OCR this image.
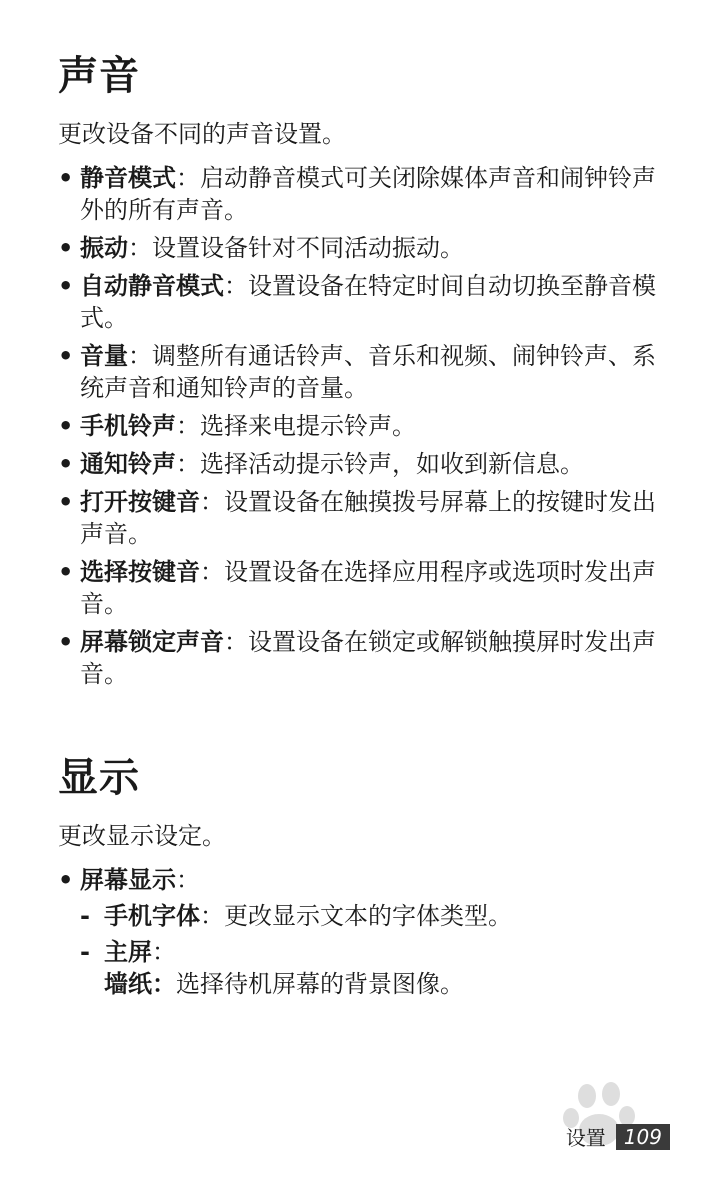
声音

更改设备不同的声音设置。

• 静音模式：启动静音模式可关闭除媒体声音和闹钟铃声外的所有声音。
• 振动：设置设备针对不同活动振动。
• 自动静音模式：设置设备在特定时间自动切换至静音模式。
• 音量：调整所有通话铃声、音乐和视频、闹钟铃声、系统声音和通知铃声的音量。
• 手机铃声：选择来电提示铃声。
• 通知铃声：选择活动提示铃声，如收到新信息。
• 打开按键音：设置设备在触摸拨号屏幕上的按键时发出声音。
• 选择按键音：设置设备在选择应用程序或选项时发出声音。
• 屏幕锁定声音：设置设备在锁定或解锁触摸屏时发出声音。
显示

更改显示设定。

• 屏幕显示：
- 手机字体：更改显示文本的字体类型。
- 主屏：
墙纸：选择待机屏幕的背景图像。
设置 109
